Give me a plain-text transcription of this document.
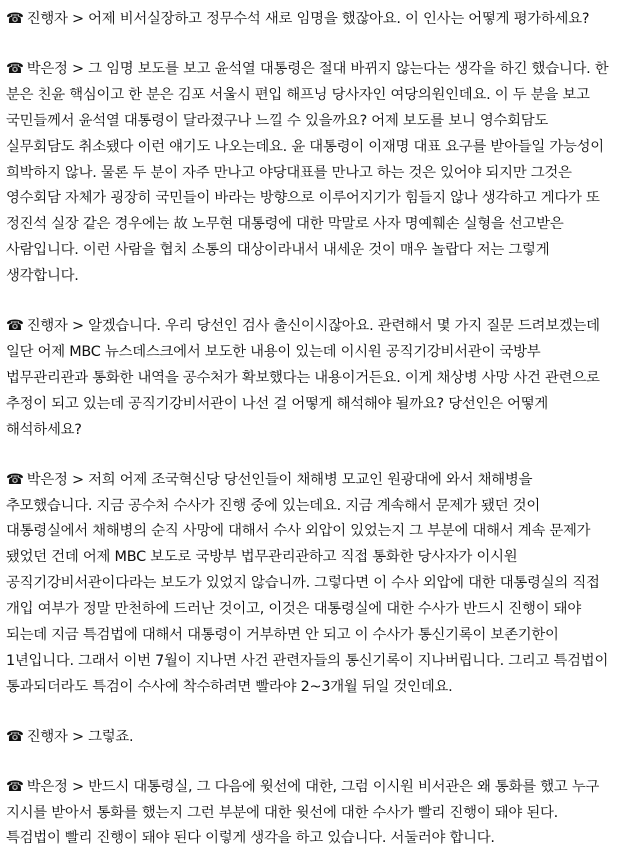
☎ 진행자 > 어제 비서실장하고 정무수석 새로 임명을 했잖아요. 이 인사는 어떻게 평가하세요?

☎ 박은정 > 그 임명 보도를 보고 윤석열 대통령은 절대 바뀌지 않는다는 생각을 하긴 했습니다. 한 분은 친윤 핵심이고 한 분은 김포 서울시 편입 해프닝 당사자인 여당의원인데요. 이 두 분을 보고 국민들께서 윤석열 대통령이 달라졌구나 느낄 수 있을까요? 어제 보도를 보니 영수회담도 실무회담도 취소됐다 이런 얘기도 나오는데요. 윤 대통령이 이재명 대표 요구를 받아들일 가능성이 희박하지 않나. 물론 두 분이 자주 만나고 야당대표를 만나고 하는 것은 있어야 되지만 그것은 영수회담 자체가 굉장히 국민들이 바라는 방향으로 이루어지기가 힘들지 않나 생각하고 게다가 또 정진석 실장 같은 경우에는 故 노무현 대통령에 대한 막말로 사자 명예훼손 실형을 선고받은 사람입니다. 이런 사람을 협치 소통의 대상이라내서 내세운 것이 매우 놀랍다 저는 그렇게 생각합니다.

☎ 진행자 > 알겠습니다. 우리 당선인 검사 출신이시잖아요. 관련해서 몇 가지 질문 드려보겠는데 일단 어제 MBC 뉴스데스크에서 보도한 내용이 있는데 이시원 공직기강비서관이 국방부 법무관리관과 통화한 내역을 공수처가 확보했다는 내용이거든요. 이게 채상병 사망 사건 관련으로 추정이 되고 있는데 공직기강비서관이 나선 걸 어떻게 해석해야 될까요? 당선인은 어떻게 해석하세요?

☎ 박은정 > 저희 어제 조국혁신당 당선인들이 채해병 모교인 원광대에 와서 채해병을 추모했습니다. 지금 공수처 수사가 진행 중에 있는데요. 지금 계속해서 문제가 됐던 것이 대통령실에서 채해병의 순직 사망에 대해서 수사 외압이 있었는지 그 부분에 대해서 계속 문제가 됐었던 건데 어제 MBC 보도로 국방부 법무관리관하고 직접 통화한 당사자가 이시원 공직기강비서관이다라는 보도가 있었지 않습니까. 그렇다면 이 수사 외압에 대한 대통령실의 직접 개입 여부가 정말 만천하에 드러난 것이고, 이것은 대통령실에 대한 수사가 반드시 진행이 돼야 되는데 지금 특검법에 대해서 대통령이 거부하면 안 되고 이 수사가 통신기록이 보존기한이 1년입니다. 그래서 이번 7월이 지나면 사건 관련자들의 통신기록이 지나버립니다. 그리고 특검법이 통과되더라도 특검이 수사에 착수하려면 빨라야 2~3개월 뒤일 것인데요.

☎ 진행자 > 그렇죠.

☎ 박은정 > 반드시 대통령실, 그 다음에 윗선에 대한, 그럼 이시원 비서관은 왜 통화를 했고 누구 지시를 받아서 통화를 했는지 그런 부분에 대한 윗선에 대한 수사가 빨리 진행이 돼야 된다. 특검법이 빨리 진행이 돼야 된다 이렇게 생각을 하고 있습니다. 서둘러야 합니다.
